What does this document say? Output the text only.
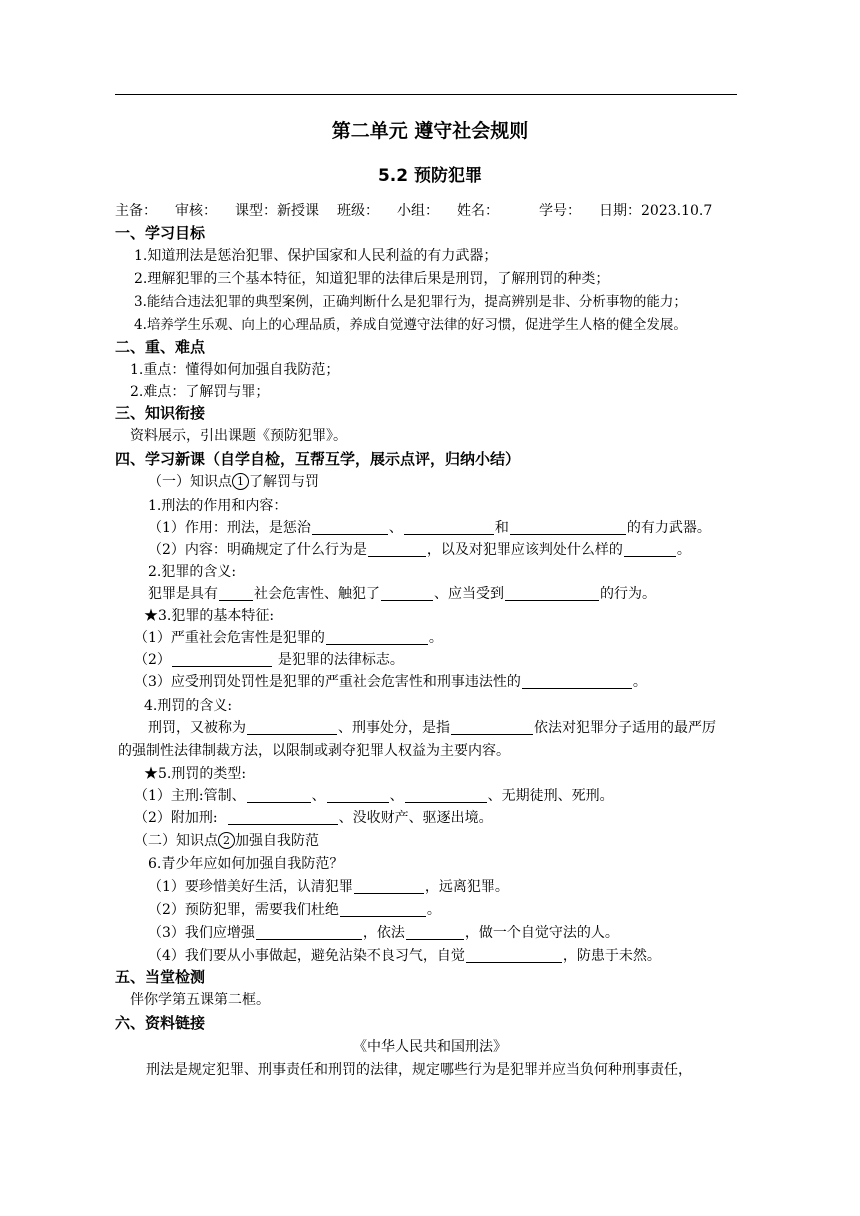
第二单元 遵守社会规则
5.2 预防犯罪
主备： 审核： 课型：新授课 班级： 小组： 姓名：	学号： 日期：2023.10.7
一、学习目标
1.知道刑法是惩治犯罪、保护国家和人民利益的有力武器；
2.理解犯罪的三个基本特征，知道犯罪的法律后果是刑罚，了解刑罚的种类；
3.能结合违法犯罪的典型案例，正确判断什么是犯罪行为，提高辨别是非、分析事物的能力；
4.培养学生乐观、向上的心理品质，养成自觉遵守法律的好习惯，促进学生人格的健全发展。
二、重、难点
1.重点：懂得如何加强自我防范；
2.难点：了解罚与罪；
三、知识衔接
资料展示，引出课题《预防犯罪》。
四、学习新课（自学自检，互帮互学，展示点评，归纳小结）
（一）知识点 1 了解罚与罚
1.刑法的作用和内容：
（1）作用：刑法，是惩治	、	和	的有力武器。
（2）内容：明确规定了什么行为是	，以及对犯罪应该判处什么样的	。
2.犯罪的含义:
犯罪是具有	社会危害性、触犯了	、应当受到	的行为。
★3.犯罪的基本特征:
（1）严重社会危害性是犯罪的	。
（2）	是犯罪的法律标志。
（3）应受刑罚处罚性是犯罪的严重社会危害性和刑事违法性的	。
4.刑罚的含义:
刑罚，又被称为	、刑事处分，是指	依法对犯罪分子适用的最严厉
的强制性法律制裁方法，以限制或剥夺犯罪人权益为主要内容。
★5.刑罚的类型:
（1）主刑:管制、	、	、	、无期徒刑、死刑。
（2）附加刑:	、没收财产、驱逐出境。
（二）知识点 2 加强自我防范
6.青少年应如何加强自我防范？
（1）要珍惜美好生活，认清犯罪	，远离犯罪。
（2）预防犯罪，需要我们杜绝	。
（3）我们应增强	，依法	，做一个自觉守法的人。
（4）我们要从小事做起，避免沾染不良习气，自觉	，防患于未然。
五、当堂检测
伴你学第五课第二框。
六、资料链接
《中华人民共和国刑法》
刑法是规定犯罪、刑事责任和刑罚的法律，规定哪些行为是犯罪并应当负何种刑事责任，
